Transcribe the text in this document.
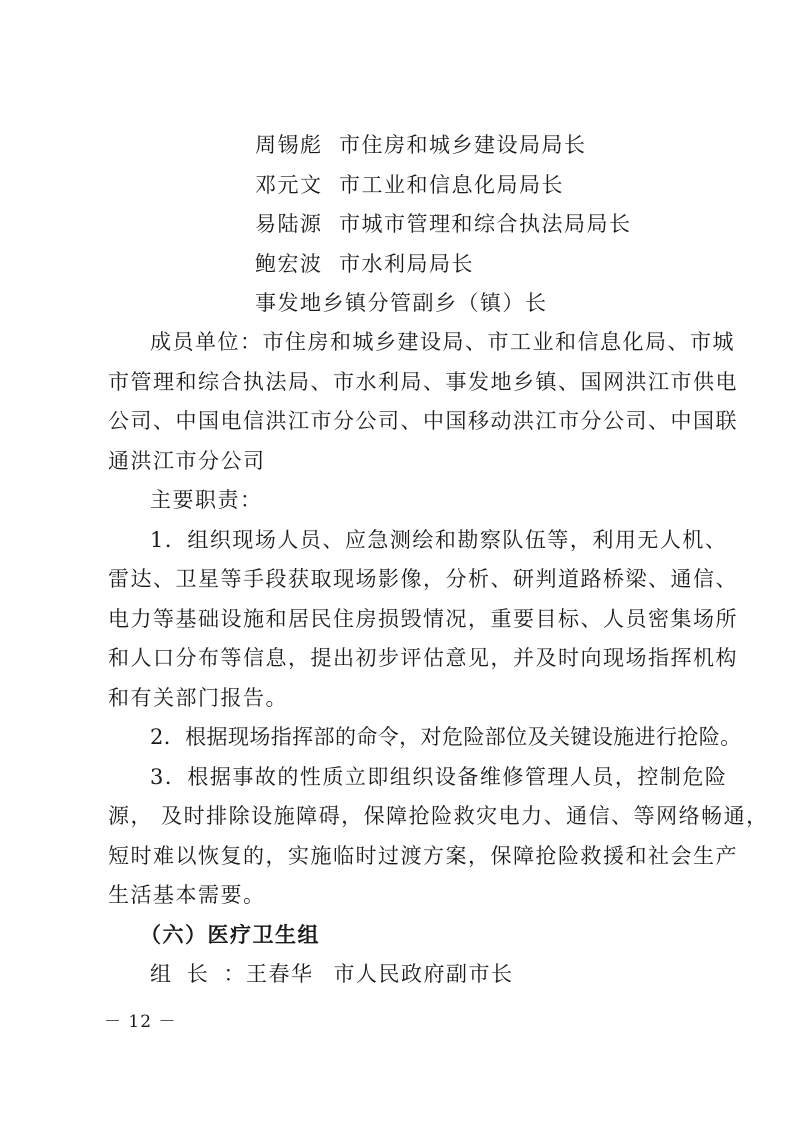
周锡彪 市住房和城乡建设局局长
邓元文 市工业和信息化局局长
易陆源 市城市管理和综合执法局局长
鲍宏波 市水利局局长
事发地乡镇分管副乡（镇）长
成员单位：市住房和城乡建设局、市工业和信息化局、市城
市管理和综合执法局、市水利局、事发地乡镇、国网洪江市供电
公司、中国电信洪江市分公司、中国移动洪江市分公司、中国联
通洪江市分公司
主要职责：
1．组织现场人员、应急测绘和勘察队伍等，利用无人机、
雷达、卫星等手段获取现场影像，分析、研判道路桥梁、通信、
电力等基础设施和居民住房损毁情况，重要目标、人员密集场所
和人口分布等信息，提出初步评估意见，并及时向现场指挥机构
和有关部门报告。
2．根据现场指挥部的命令，对危险部位及关键设施进行抢险。
3．根据事故的性质立即组织设备维修管理人员，控制危险
源， 及时排除设施障碍，保障抢险救灾电力、通信、等网络畅通，
短时难以恢复的，实施临时过渡方案，保障抢险救援和社会生产
生活基本需要。
（六）医疗卫生组
组长：王春华 市人民政府副市长
－ 12 －
